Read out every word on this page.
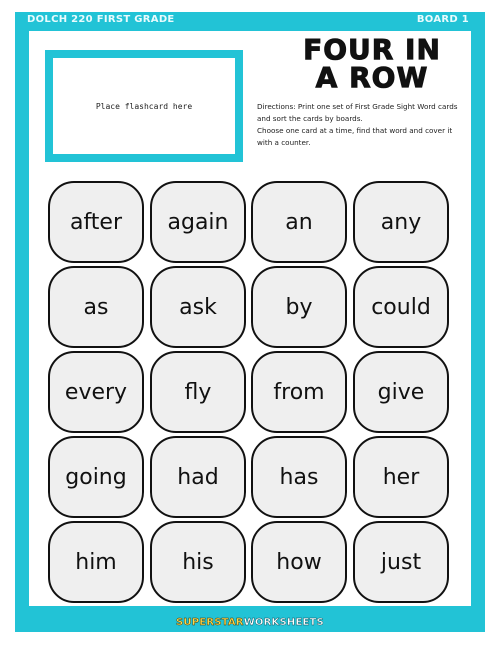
DOLCH 220 FIRST GRADE	BOARD 1
Place flashcard here
FOUR IN
A ROW

Directions: Print one set of First Grade Sight Word cards and sort the cards by boards.

Choose one card at a time, find that word and cover it with a counter.

after	again	an	any
as	ask	by	could
every	fly	from	give
going	had	has	her
him	his	how	just
SUPERSTARWORKSHEETS
